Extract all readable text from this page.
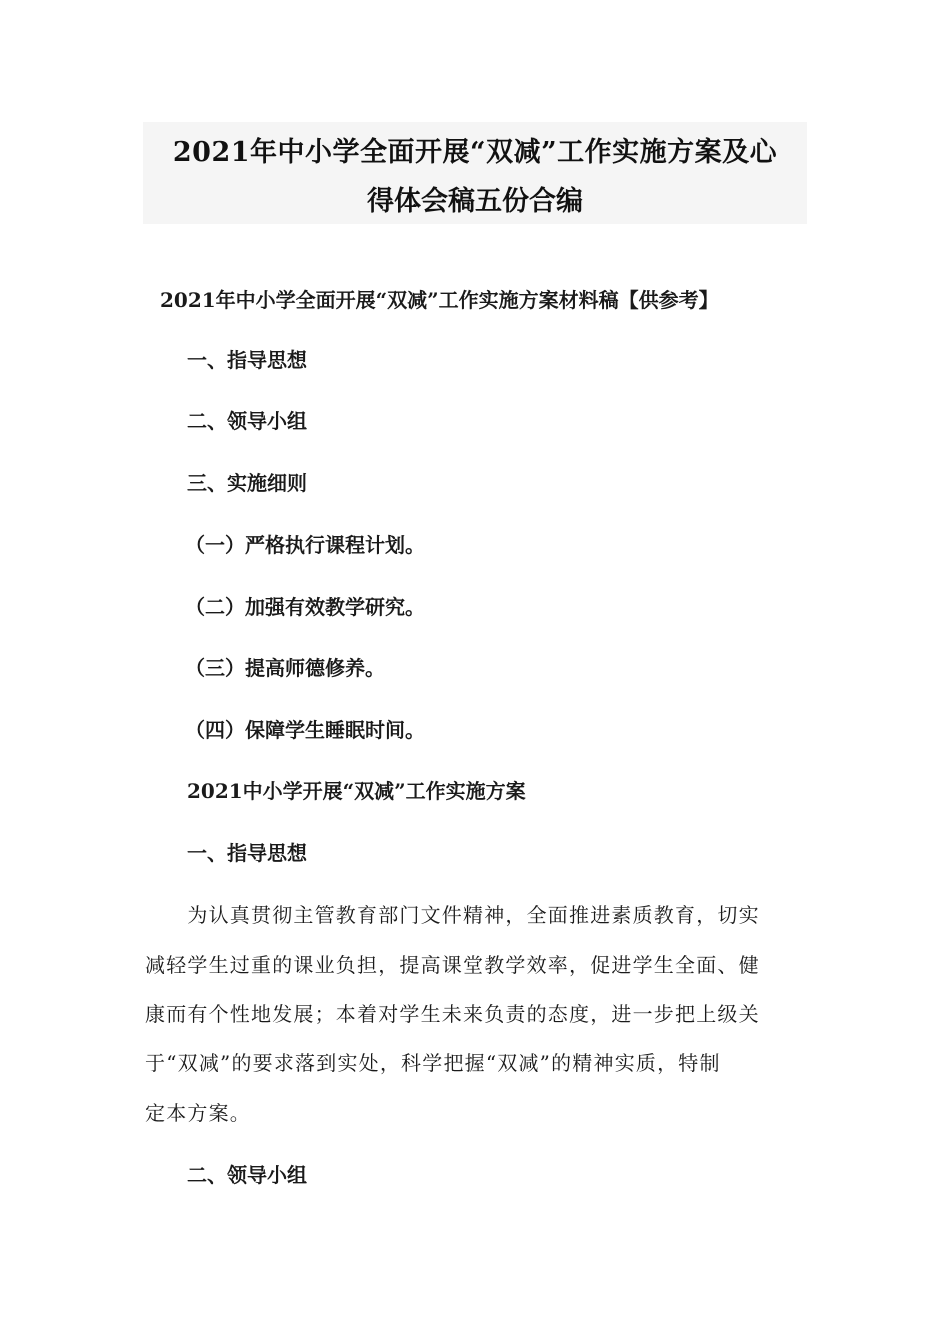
2021年中小学全面开展“双减”工作实施方案及心
得体会稿五份合编
2021年中小学全面开展“双减”工作实施方案材料稿【供参考】
一、指导思想
二、领导小组
三、实施细则
（一）严格执行课程计划。
（二）加强有效教学研究。
（三）提高师德修养。
（四）保障学生睡眠时间。
2021中小学开展“双减”工作实施方案
一、指导思想
　　为认真贯彻主管教育部门文件精神，全面推进素质教育，切实
减轻学生过重的课业负担，提高课堂教学效率，促进学生全面、健
康而有个性地发展；本着对学生未来负责的态度，进一步把上级关
于“双减”的要求落到实处，科学把握“双减”的精神实质，特制
定本方案。
二、领导小组
